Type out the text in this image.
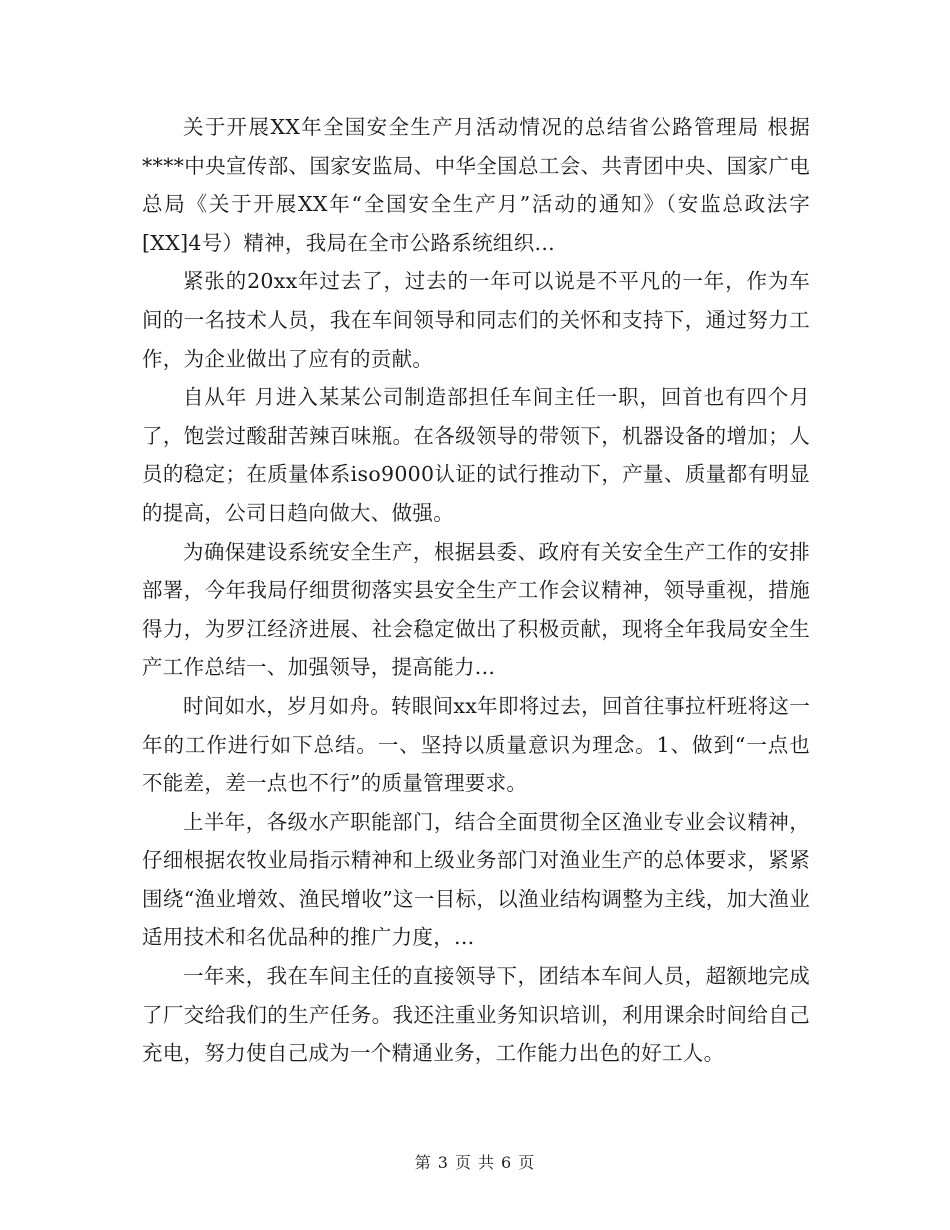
关于开展XX年全国安全生产月活动情况的总结省公路管理局 根据****中央宣传部、国家安监局、中华全国总工会、共青团中央、国家广电总局《关于开展XX年“全国安全生产月”活动的通知》（安监总政法字[XX]4号）精神，我局在全市公路系统组织...

紧张的20xx年过去了，过去的一年可以说是不平凡的一年，作为车间的一名技术人员，我在车间领导和同志们的关怀和支持下，通过努力工作，为企业做出了应有的贡献。

自从年 月进入某某公司制造部担任车间主任一职，回首也有四个月了，饱尝过酸甜苦辣百味瓶。在各级领导的带领下，机器设备的增加；人员的稳定；在质量体系iso9000认证的试行推动下，产量、质量都有明显的提高，公司日趋向做大、做强。

为确保建设系统安全生产，根据县委、政府有关安全生产工作的安排部署，今年我局仔细贯彻落实县安全生产工作会议精神，领导重视，措施得力，为罗江经济进展、社会稳定做出了积极贡献，现将全年我局安全生产工作总结一、加强领导，提高能力...

时间如水，岁月如舟。转眼间xx年即将过去，回首往事拉杆班将这一年的工作进行如下总结。一、坚持以质量意识为理念。1、做到“一点也不能差，差一点也不行”的质量管理要求。

上半年，各级水产职能部门，结合全面贯彻全区渔业专业会议精神，仔细根据农牧业局指示精神和上级业务部门对渔业生产的总体要求，紧紧围绕“渔业增效、渔民增收”这一目标，以渔业结构调整为主线，加大渔业适用技术和名优品种的推广力度，...

一年来，我在车间主任的直接领导下，团结本车间人员，超额地完成了厂交给我们的生产任务。我还注重业务知识培训，利用课余时间给自己充电，努力使自己成为一个精通业务，工作能力出色的好工人。

第 3 页 共 6 页
